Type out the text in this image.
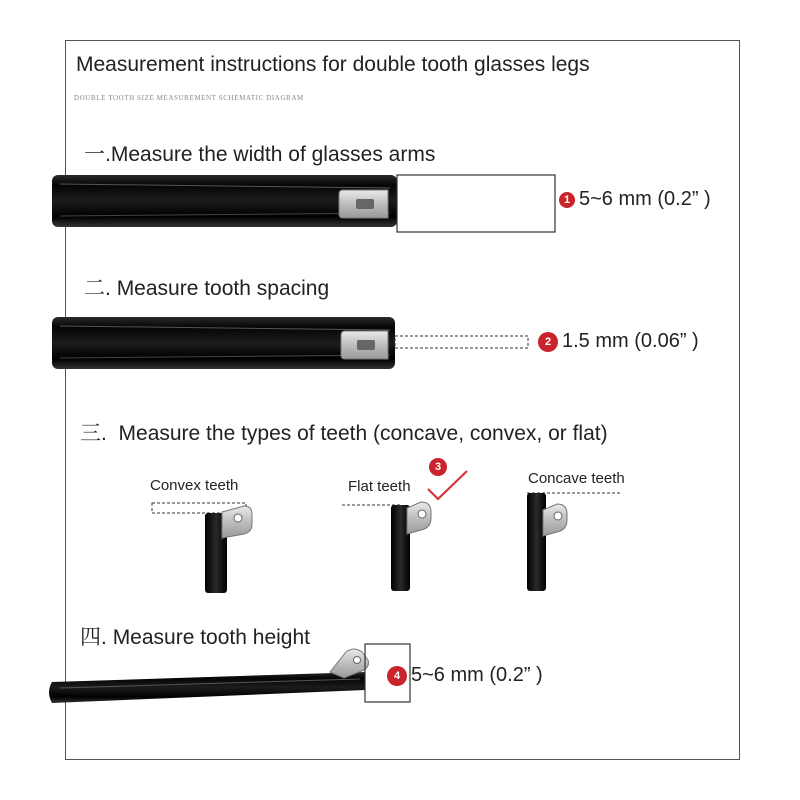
Measurement instructions for double tooth glasses legs
DOUBLE TOOTH SIZE MEASUREMENT SCHEMATIC DIAGRAM
一.Measure the width of glasses arms
二. Measure tooth spacing
三. Measure the types of teeth (concave, convex, or flat)
四. Measure tooth height
1 5~6 mm (0.2” )
2 1.5 mm (0.06” )
4 5~6 mm (0.2” )
3
Convex teeth	Flat teeth	Concave teeth
